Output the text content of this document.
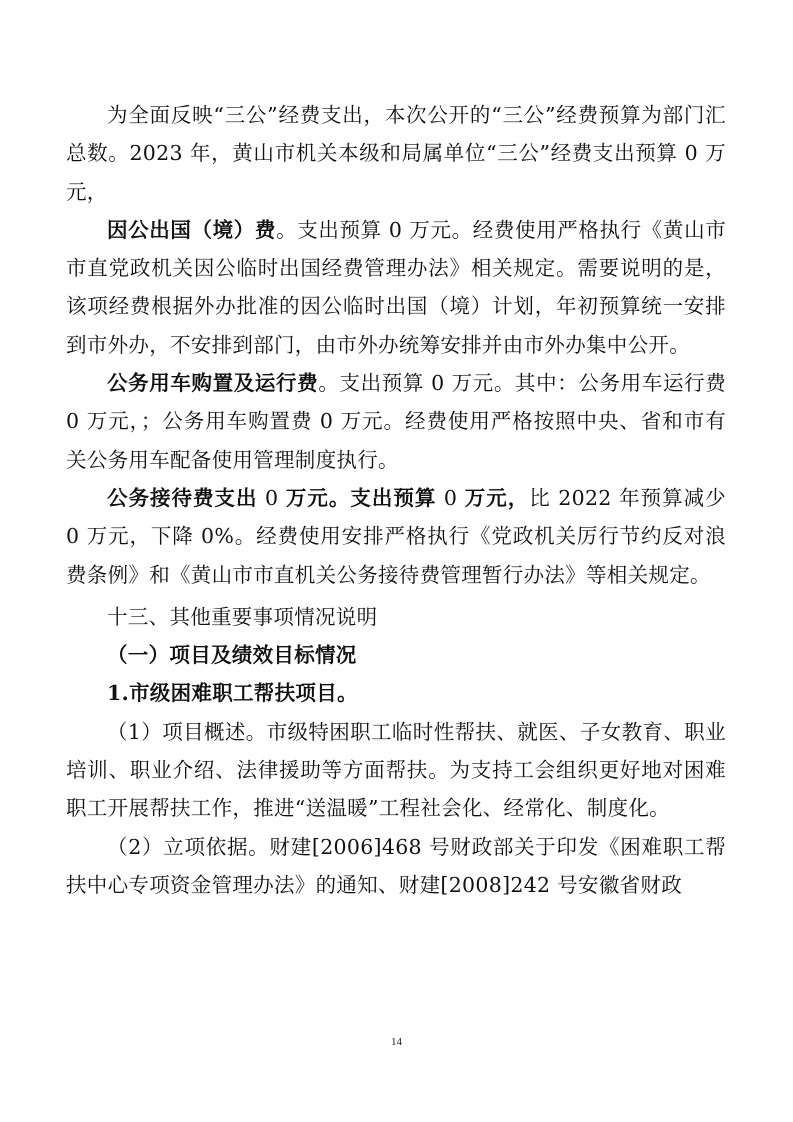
为全面反映“三公”经费支出，本次公开的“三公”经费预算为部门汇总数。2023 年，黄山市机关本级和局属单位“三公”经费支出预算 0 万元，

因公出国（境）费。支出预算 0 万元。经费使用严格执行《黄山市市直党政机关因公临时出国经费管理办法》相关规定。需要说明的是，该项经费根据外办批准的因公临时出国（境）计划，年初预算统一安排到市外办，不安排到部门，由市外办统筹安排并由市外办集中公开。

公务用车购置及运行费。支出预算 0 万元。其中：公务用车运行费 0 万元，；公务用车购置费 0 万元。经费使用严格按照中央、省和市有关公务用车配备使用管理制度执行。

公务接待费支出 0 万元。支出预算 0 万元，比 2022 年预算减少 0 万元，下降 0%。经费使用安排严格执行《党政机关厉行节约反对浪费条例》和《黄山市市直机关公务接待费管理暂行办法》等相关规定。

十三、其他重要事项情况说明

（一）项目及绩效目标情况

1.市级困难职工帮扶项目。

（1）项目概述。市级特困职工临时性帮扶、就医、子女教育、职业培训、职业介绍、法律援助等方面帮扶。为支持工会组织更好地对困难职工开展帮扶工作，推进“送温暖”工程社会化、经常化、制度化。

（2）立项依据。财建[2006]468 号财政部关于印发《困难职工帮扶中心专项资金管理办法》的通知、财建[2008]242 号安徽省财政

14
